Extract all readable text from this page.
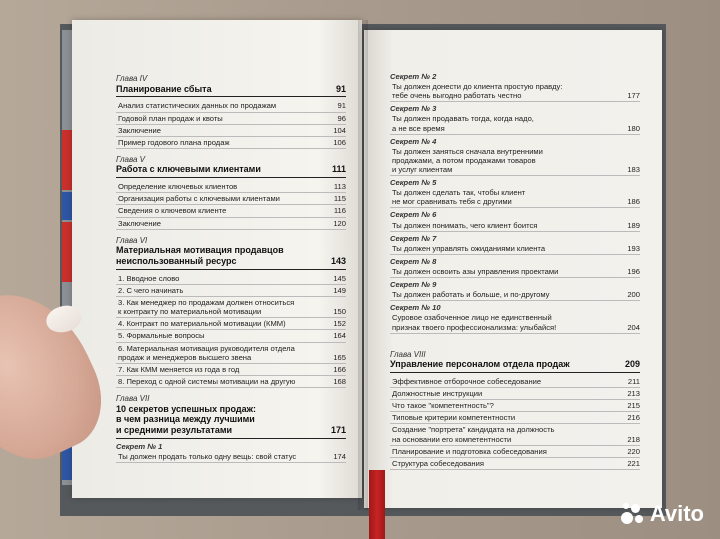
Глава IV
Планирование сбыта	91
Анализ статистических данных по продажам	91
Годовой план продаж и квоты	96
Заключение	104
Пример годового плана продаж	106
Глава V
Работа с ключевыми клиентами	111
Определение ключевых клиентов	113
Организация работы с ключевыми клиентами	115
Сведения о ключевом клиенте	116
Заключение	120
Глава VI
Материальная мотивация продавцов
неиспользованный ресурс	143
1. Вводное слово	145
2. С чего начинать	149
3. Как менеджер по продажам должен относиться
к контракту по материальной мотивации	150
4. Контракт по материальной мотивации (КММ)	152
5. Формальные вопросы	164
6. Материальная мотивация руководителя отдела
продаж и менеджеров высшего звена	165
7. Как КММ меняется из года в год	166
8. Переход с одной системы мотивации на другую	168
Глава VII
10 секретов успешных продаж:
в чем разница между лучшими
и средними результатами	171
Секрет № 1
Ты должен продать только одну вещь: свой статус	174
Секрет № 2
Ты должен донести до клиента простую правду:
тебе очень выгодно работать честно	177
Секрет № 3
Ты должен продавать тогда, когда надо,
а не все время	180
Секрет № 4
Ты должен заняться сначала внутренними
продажами, а потом продажами товаров
и услуг клиентам	183
Секрет № 5
Ты должен сделать так, чтобы клиент
не мог сравнивать тебя с другими	186
Секрет № 6
Ты должен понимать, чего клиент боится	189
Секрет № 7
Ты должен управлять ожиданиями клиента	193
Секрет № 8
Ты должен освоить азы управления проектами	196
Секрет № 9
Ты должен работать и больше, и по-другому	200
Секрет № 10
Суровое озабоченное лицо не единственный
признак твоего профессионализма: улыбайся!	204
Глава VIII
Управление персоналом отдела продаж	209
Эффективное отборочное собеседование	211
Должностные инструкции	213
Что такое "компетентность"?	215
Типовые критерии компетентности	216
Создание "портрета" кандидата на должность
на основании его компетентности	218
Планирование и подготовка собеседования	220
Структура собеседования	221
Avito
